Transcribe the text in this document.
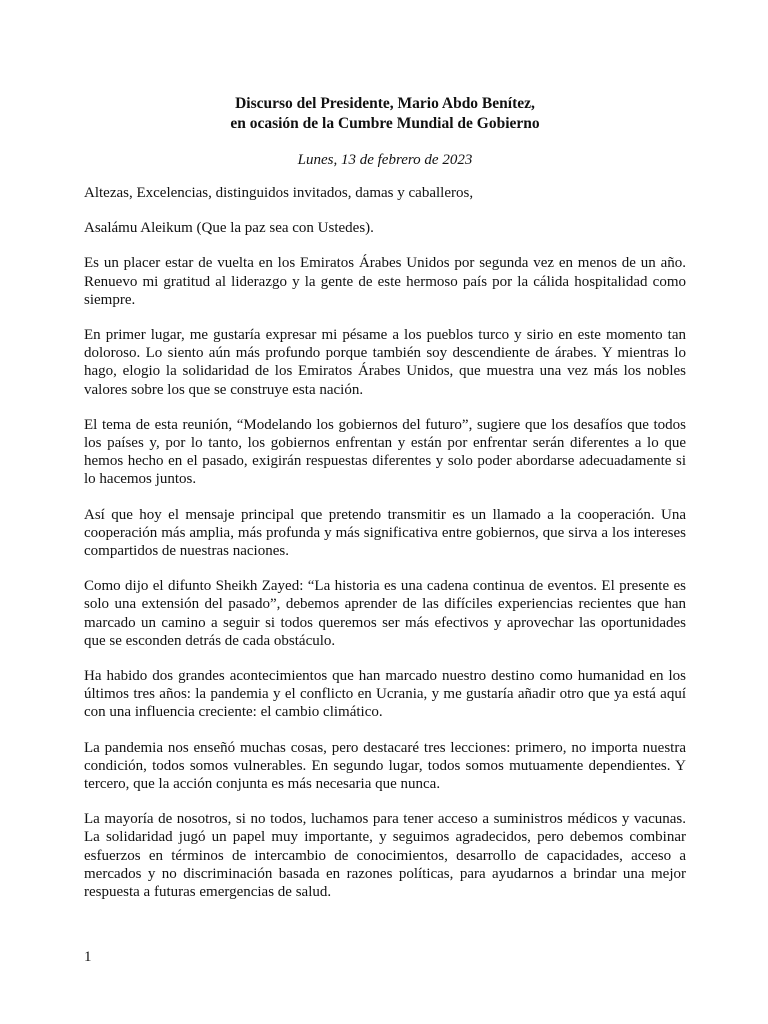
Discurso del Presidente, Mario Abdo Benítez,
en ocasión de la Cumbre Mundial de Gobierno

Lunes, 13 de febrero de 2023

Altezas, Excelencias, distinguidos invitados, damas y caballeros,

Asalámu Aleikum (Que la paz sea con Ustedes).

Es un placer estar de vuelta en los Emiratos Árabes Unidos por segunda vez en menos de un año. Renuevo mi gratitud al liderazgo y la gente de este hermoso país por la cálida hospitalidad como siempre.

En primer lugar, me gustaría expresar mi pésame a los pueblos turco y sirio en este momento tan doloroso. Lo siento aún más profundo porque también soy descendiente de árabes. Y mientras lo hago, elogio la solidaridad de los Emiratos Árabes Unidos, que muestra una vez más los nobles valores sobre los que se construye esta nación.

El tema de esta reunión, “Modelando los gobiernos del futuro”, sugiere que los desafíos que todos los países y, por lo tanto, los gobiernos enfrentan y están por enfrentar serán diferentes a lo que hemos hecho en el pasado, exigirán respuestas diferentes y solo poder abordarse adecuadamente si lo hacemos juntos.

Así que hoy el mensaje principal que pretendo transmitir es un llamado a la cooperación. Una cooperación más amplia, más profunda y más significativa entre gobiernos, que sirva a los intereses compartidos de nuestras naciones.

Como dijo el difunto Sheikh Zayed: “La historia es una cadena continua de eventos. El presente es solo una extensión del pasado”, debemos aprender de las difíciles experiencias recientes que han marcado un camino a seguir si todos queremos ser más efectivos y aprovechar las oportunidades que se esconden detrás de cada obstáculo.

Ha habido dos grandes acontecimientos que han marcado nuestro destino como humanidad en los últimos tres años: la pandemia y el conflicto en Ucrania, y me gustaría añadir otro que ya está aquí con una influencia creciente: el cambio climático.

La pandemia nos enseñó muchas cosas, pero destacaré tres lecciones: primero, no importa nuestra condición, todos somos vulnerables. En segundo lugar, todos somos mutuamente dependientes. Y tercero, que la acción conjunta es más necesaria que nunca.

La mayoría de nosotros, si no todos, luchamos para tener acceso a suministros médicos y vacunas. La solidaridad jugó un papel muy importante, y seguimos agradecidos, pero debemos combinar esfuerzos en términos de intercambio de conocimientos, desarrollo de capacidades, acceso a mercados y no discriminación basada en razones políticas, para ayudarnos a brindar una mejor respuesta a futuras emergencias de salud.

1
